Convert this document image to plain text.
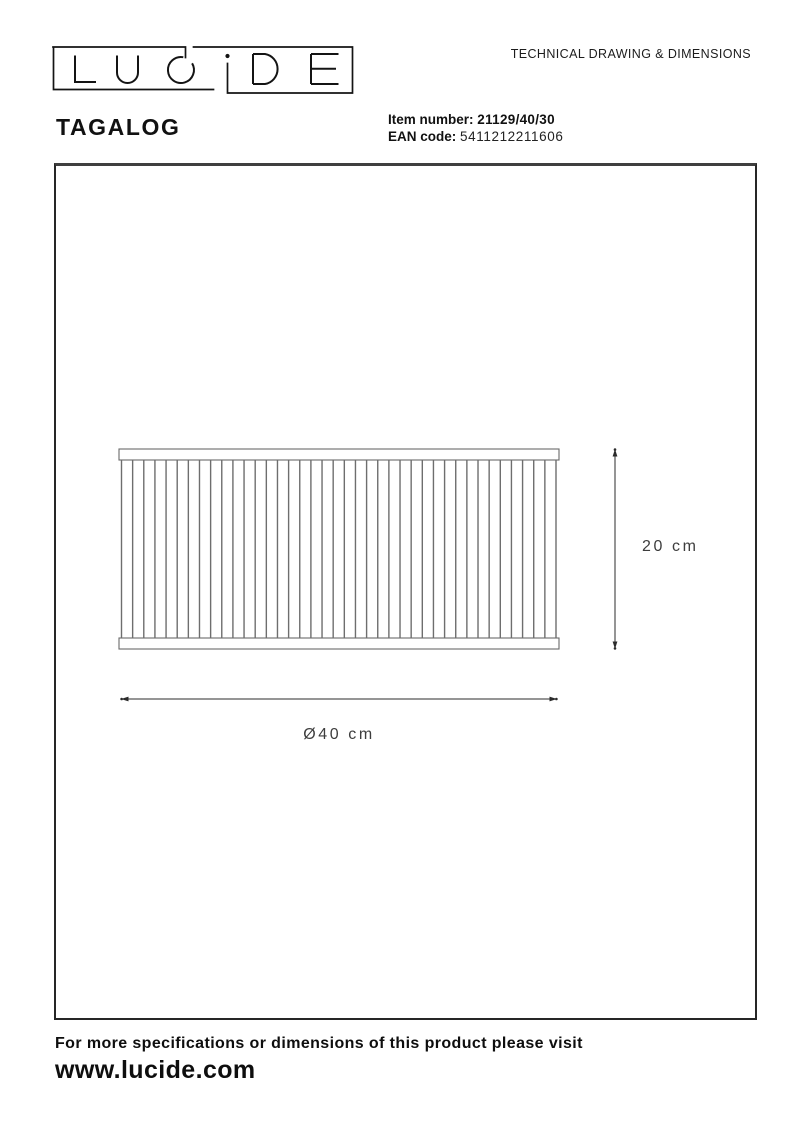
TECHNICAL DRAWING & DIMENSIONS
TAGALOG	Item number: 21129/40/30
EAN code: 5411212211606
20 cm
Ø40 cm
For more specifications or dimensions of this product please visit
www.lucide.com
